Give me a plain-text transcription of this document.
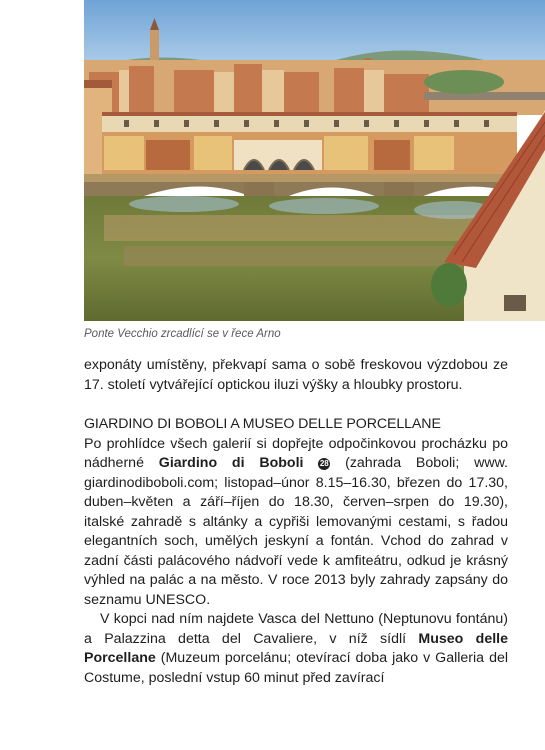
Ponte Vecchio zrcadlící se v řece Arno

exponáty umístěny, překvapí sama o sobě freskovou výzdobou ze 17. století vytvářející optickou iluzi výšky a hloubky prostoru.

GIARDINO DI BOBOLI A MUSEO DELLE PORCELLANE

Po prohlídce všech galerií si dopřejte odpočinkovou procházku po nádherné Giardino di Boboli 28 (zahrada Boboli; www. giardinodiboboli.com; listopad–únor 8.15–16.30, březen do 17.30, duben–květen a září–říjen do 18.30, červen–srpen do 19.30), italské zahradě s altánky a cypřiši lemovanými cestami, s řadou elegantních soch, umělých jeskyní a fontán. Vchod do zahrad v zadní části palácového nádvoří vede k amfiteátru, odkud je krásný výhled na palác a na město. V roce 2013 byly zahrady zapsány do seznamu UNESCO.

V kopci nad ním najdete Vasca del Nettuno (Neptunovu fontánu) a Palazzina detta del Cavaliere, v níž sídlí Museo delle Porcellane (Muzeum porcelánu; otevírací doba jako v Galleria del Costume, poslední vstup 60 minut před zavírací
